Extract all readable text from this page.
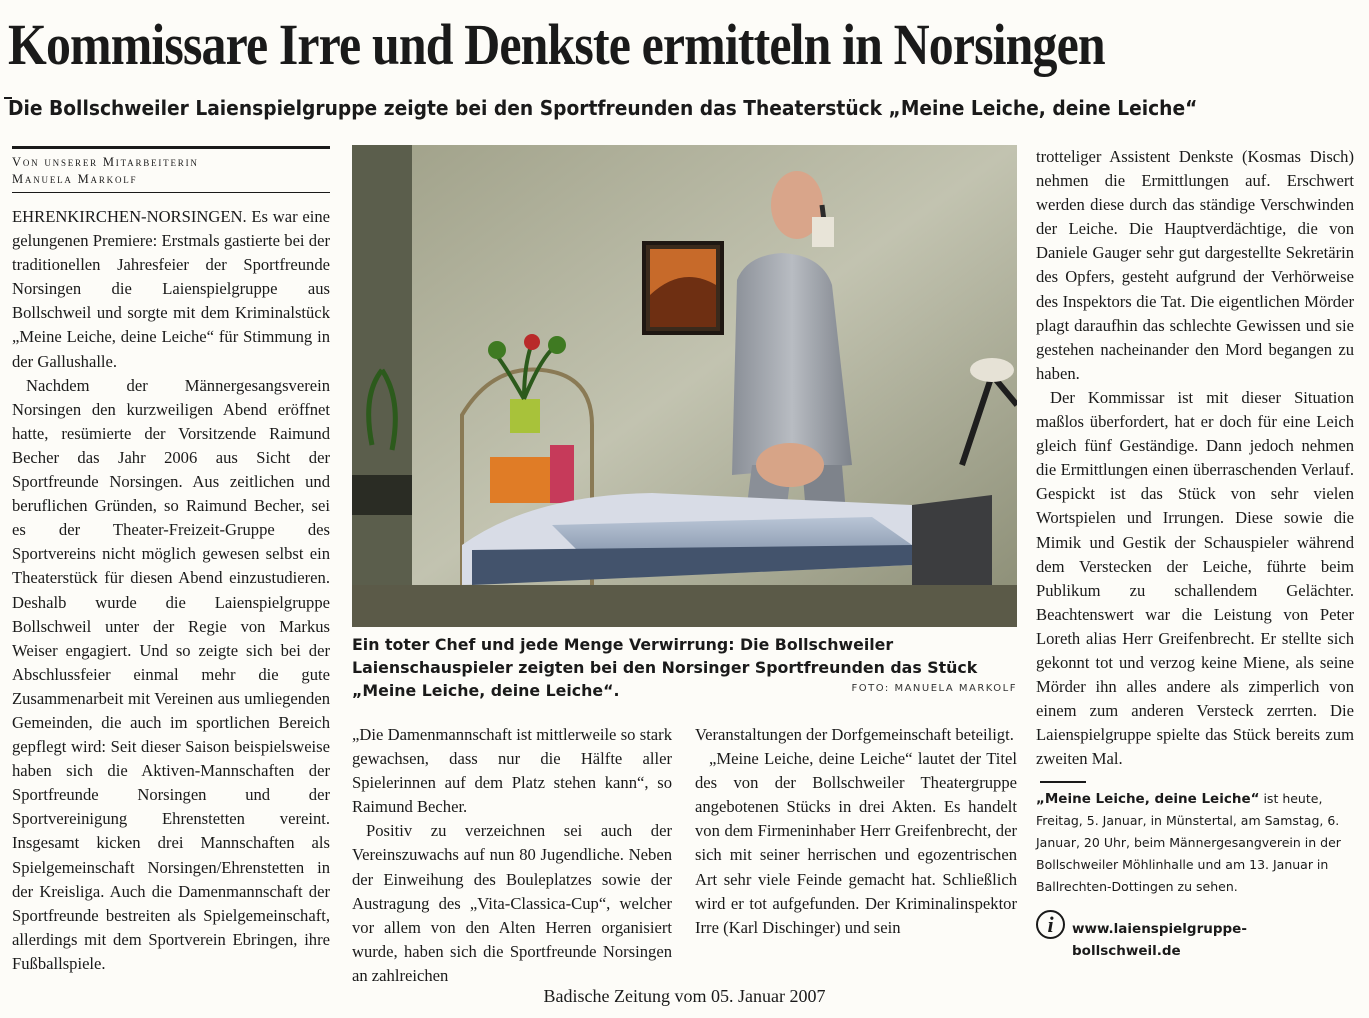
Kommissare Irre und Denkste ermitteln in Norsingen
Die Bollschweiler Laienspielgruppe zeigte bei den Sportfreunden das Theaterstück „Meine Leiche, deine Leiche“
Von unserer Mitarbeiterin
Manuela Markolf

EHRENKIRCHEN-NORSINGEN. Es war eine gelungenen Premiere: Erstmals gastierte bei der traditionellen Jahresfeier der Sportfreunde Norsingen die Laienspielgruppe aus Bollschweil und sorgte mit dem Kriminalstück „Meine Leiche, deine Leiche“ für Stimmung in der Gallushalle.

Nachdem der Männergesangsverein Norsingen den kurzweiligen Abend eröffnet hatte, resümierte der Vorsitzende Raimund Becher das Jahr 2006 aus Sicht der Sportfreunde Norsingen. Aus zeitlichen und beruflichen Gründen, so Raimund Becher, sei es der Theater-Freizeit-Gruppe des Sportvereins nicht möglich gewesen selbst ein Theaterstück für diesen Abend einzustudieren. Deshalb wurde die Laienspielgruppe Bollschweil unter der Regie von Markus Weiser engagiert. Und so zeigte sich bei der Abschlussfeier einmal mehr die gute Zusammenarbeit mit Vereinen aus umliegenden Gemeinden, die auch im sportlichen Bereich gepflegt wird: Seit dieser Saison beispielsweise haben sich die Aktiven-Mannschaften der Sportfreunde Norsingen und der Sportvereinigung Ehrenstetten vereint. Insgesamt kicken drei Mannschaften als Spielgemeinschaft Norsingen/Ehrenstetten in der Kreisliga. Auch die Damenmannschaft der Sportfreunde bestreiten als Spielgemeinschaft, allerdings mit dem Sportverein Ebringen, ihre Fußballspiele.

Ein toter Chef und jede Menge Verwirrung: Die Bollschweiler Laienschauspieler zeigten bei den Norsinger Sportfreunden das Stück „Meine Leiche, deine Leiche“.	FOTO: MANUELA MARKOLF

„Die Damenmannschaft ist mittlerweile so stark gewachsen, dass nur die Hälfte aller Spielerinnen auf dem Platz stehen kann“, so Raimund Becher.

Positiv zu verzeichnen sei auch der Vereinszuwachs auf nun 80 Jugendliche. Neben der Einweihung des Bouleplatzes sowie der Austragung des „Vita-Classica-Cup“, welcher vor allem von den Alten Herren organisiert wurde, haben sich die Sportfreunde Norsingen an zahlreichen

Veranstaltungen der Dorfgemeinschaft beteiligt.

„Meine Leiche, deine Leiche“ lautet der Titel des von der Bollschweiler Theatergruppe angebotenen Stücks in drei Akten. Es handelt von dem Firmeninhaber Herr Greifenbrecht, der sich mit seiner herrischen und egozentrischen Art sehr viele Feinde gemacht hat. Schließlich wird er tot aufgefunden. Der Kriminalinspektor Irre (Karl Dischinger) und sein

trotteliger Assistent Denkste (Kosmas Disch) nehmen die Ermittlungen auf. Erschwert werden diese durch das ständige Verschwinden der Leiche. Die Hauptverdächtige, die von Daniele Gauger sehr gut dargestellte Sekretärin des Opfers, gesteht aufgrund der Verhörweise des Inspektors die Tat. Die eigentlichen Mörder plagt daraufhin das schlechte Gewissen und sie gestehen nacheinander den Mord begangen zu haben.

Der Kommissar ist mit dieser Situation maßlos überfordert, hat er doch für eine Leich gleich fünf Geständige. Dann jedoch nehmen die Ermittlungen einen überraschenden Verlauf. Gespickt ist das Stück von sehr vielen Wortspielen und Irrungen. Diese sowie die Mimik und Gestik der Schauspieler während dem Verstecken der Leiche, führte beim Publikum zu schallendem Gelächter. Beachtenswert war die Leistung von Peter Loreth alias Herr Greifenbrecht. Er stellte sich gekonnt tot und verzog keine Miene, als seine Mörder ihn alles andere als zimperlich von einem zum anderen Versteck zerrten. Die Laienspielgruppe spielte das Stück bereits zum zweiten Mal.

„Meine Leiche, deine Leiche“ ist heute, Freitag, 5. Januar, in Münstertal, am Samstag, 6. Januar, 20 Uhr, beim Männergesangverein in der Bollschweiler Möhlinhalle und am 13. Januar in Ballrechten-Dottingen zu sehen.
i	www.laienspielgruppe-bollschweil.de
Badische Zeitung vom 05. Januar 2007
